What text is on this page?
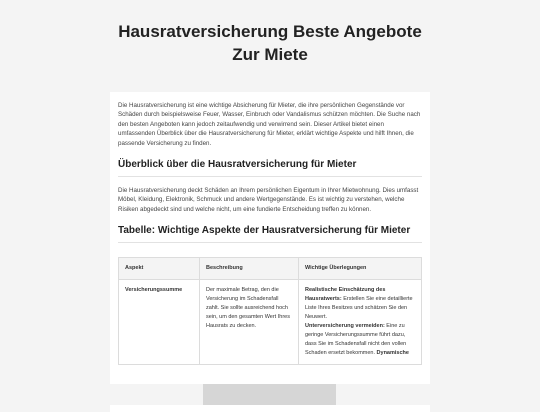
Hausratversicherung Beste Angebote
Zur Miete

Die Hausratversicherung ist eine wichtige Absicherung für Mieter, die ihre persönlichen Gegenstände vor Schäden durch beispielsweise Feuer, Wasser, Einbruch oder Vandalismus schützen möchten. Die Suche nach den besten Angeboten kann jedoch zeitaufwendig und verwirrend sein. Dieser Artikel bietet einen umfassenden Überblick über die Hausratversicherung für Mieter, erklärt wichtige Aspekte und hilft Ihnen, die passende Versicherung zu finden.

Überblick über die Hausratversicherung für Mieter

Die Hausratversicherung deckt Schäden an Ihrem persönlichen Eigentum in Ihrer Mietwohnung. Dies umfasst Möbel, Kleidung, Elektronik, Schmuck und andere Wertgegenstände. Es ist wichtig zu verstehen, welche Risiken abgedeckt sind und welche nicht, um eine fundierte Entscheidung treffen zu können.

Tabelle: Wichtige Aspekte der Hausratversicherung für Mieter
Aspekt	Beschreibung	Wichtige Überlegungen
Versicherungssumme	Der maximale Betrag, den die Versicherung im Schadensfall zahlt. Sie sollte ausreichend hoch sein, um den gesamten Wert Ihres Hausrats zu decken.	Realistische Einschätzung des Hausratwerts: Erstellen Sie eine detaillierte Liste Ihres Besitzes und schätzen Sie den Neuwert.
Unterversicherung vermeiden: Eine zu geringe Versicherungssumme führt dazu, dass Sie im Schadensfall nicht den vollen Schaden ersetzt bekommen. Dynamische
